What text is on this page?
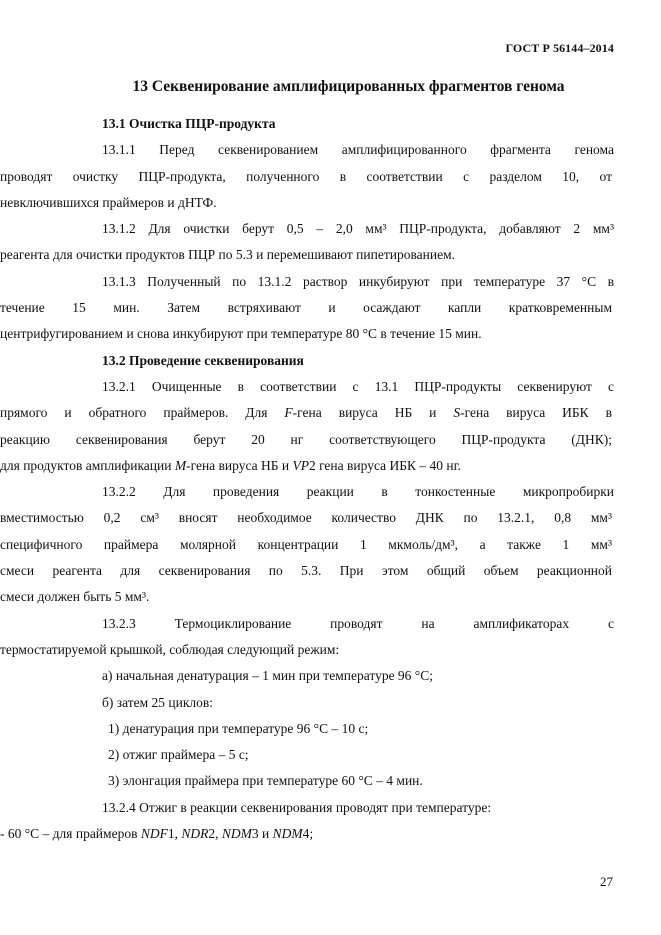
ГОСТ Р 56144–2014
13 Секвенирование амплифицированных фрагментов генома

13.1 Очистка ПЦР-продукта

13.1.1 Перед секвенированием амплифицированного фрагмента генома

проводят очистку ПЦР-продукта, полученного в соответствии с разделом 10, от

невключившихся праймеров и дНТФ.

13.1.2 Для очистки берут 0,5 – 2,0 мм³ ПЦР-продукта, добавляют 2 мм³

реагента для очистки продуктов ПЦР по 5.3 и перемешивают пипетированием.

13.1.3 Полученный по 13.1.2 раствор инкубируют при температуре 37 °С в

течение 15 мин. Затем встряхивают и осаждают капли кратковременным

центрифугированием и снова инкубируют при температуре 80 °С в течение 15 мин.

13.2 Проведение секвенирования

13.2.1 Очищенные в соответствии с 13.1 ПЦР-продукты секвенируют с

прямого и обратного праймеров. Для F-гена вируса НБ и S-гена вируса ИБК в

реакцию секвенирования берут 20 нг соответствующего ПЦР-продукта (ДНК);

для продуктов амплификации M-гена вируса НБ и VP2 гена вируса ИБК – 40 нг.

13.2.2 Для проведения реакции в тонкостенные микропробирки

вместимостью 0,2 см³ вносят необходимое количество ДНК по 13.2.1, 0,8 мм³

специфичного праймера молярной концентрации 1 мкмоль/дм³, а также 1 мм³

смеси реагента для секвенирования по 5.3. При этом общий объем реакционной

смеси должен быть 5 мм³.

13.2.3 Термоциклирование проводят на амплификаторах с

термостатируемой крышкой, соблюдая следующий режим:

а) начальная денатурация – 1 мин при температуре 96 °С;

б) затем 25 циклов:

1) денатурация при температуре 96 °С – 10 с;

2) отжиг праймера – 5 с;

3) элонгация праймера при температуре 60 °С – 4 мин.

13.2.4 Отжиг в реакции секвенирования проводят при температуре:

- 60 °С – для праймеров NDF1, NDR2, NDM3 и NDM4;

27
